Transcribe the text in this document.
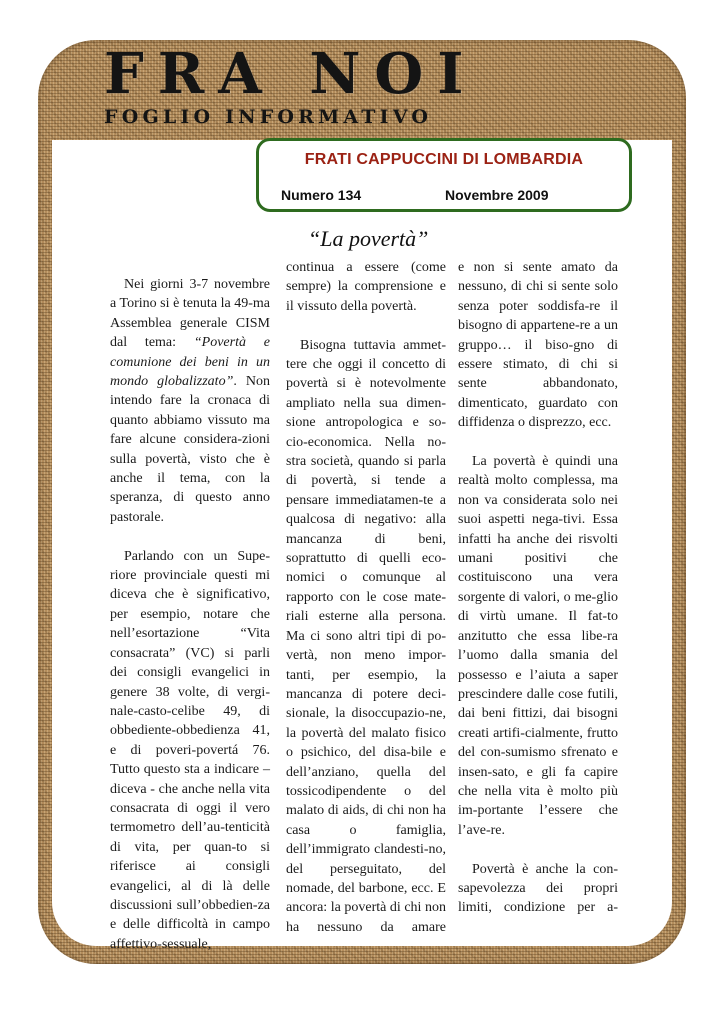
FRA NOI
FOGLIO INFORMATIVO
FRATI CAPPUCCINI DI LOMBARDIA
Numero 134	Novembre 2009
“La povertà”

Nei giorni 3-7 novembre a Torino si è tenuta la 49-ma Assemblea generale CISM dal tema: “Povertà e comunione dei beni in un mondo globalizzato”. Non intendo fare la cronaca di quanto abbiamo vissuto ma fare alcune considera-zioni sulla povertà, visto che è anche il tema, con la speranza, di questo anno pastorale.

Parlando con un Supe-riore provinciale questi mi diceva che è significativo, per esempio, notare che nell’esortazione “Vita consacrata” (VC) si parli dei consigli evangelici in genere 38 volte, di vergi-nale-casto-celibe 49, di obbediente-obbedienza 41, e di poveri-povertá 76. Tutto questo sta a indicare – diceva - che anche nella vita consacrata di oggi il vero termometro dell’au-tenticità di vita, per quan-to si riferisce ai consigli evangelici, al di là delle discussioni sull’obbedien-za e delle difficoltà in campo affettivo-sessuale,

continua a essere (come sempre) la comprensione e il vissuto della povertà.

Bisogna tuttavia ammet-tere che oggi il concetto di povertà si è notevolmente ampliato nella sua dimen-sione antropologica e so-cio-economica. Nella no-stra società, quando si parla di povertà, si tende a pensare immediatamen-te a qualcosa di negativo: alla mancanza di beni, soprattutto di quelli eco-nomici o comunque al rapporto con le cose mate-riali esterne alla persona. Ma ci sono altri tipi di po-vertà, non meno impor-tanti, per esempio, la mancanza di potere deci-sionale, la disoccupazio-ne, la povertà del malato fisico o psichico, del disa-bile e dell’anziano, quella del tossicodipendente o del malato di aids, di chi non ha casa o famiglia, dell’immigrato clandesti-no, del perseguitato, del nomade, del barbone, ecc. E ancora: la povertà di chi non ha nessuno da amare

e non si sente amato da nessuno, di chi si sente solo senza poter soddisfa-re il bisogno di appartene-re a un gruppo… il biso-gno di essere stimato, di chi si sente abbandonato, dimenticato, guardato con diffidenza o disprezzo, ecc.

La povertà è quindi una realtà molto complessa, ma non va considerata solo nei suoi aspetti nega-tivi. Essa infatti ha anche dei risvolti umani positivi che costituiscono una vera sorgente di valori, o me-glio di virtù umane. Il fat-to anzitutto che essa libe-ra l’uomo dalla smania del possesso e l’aiuta a saper prescindere dalle cose futili, dai beni fittizi, dai bisogni creati artifi-cialmente, frutto del con-sumismo sfrenato e insen-sato, e gli fa capire che nella vita è molto più im-portante l’essere che l’ave-re.

Povertà è anche la con-sapevolezza dei propri limiti, condizione per a-
